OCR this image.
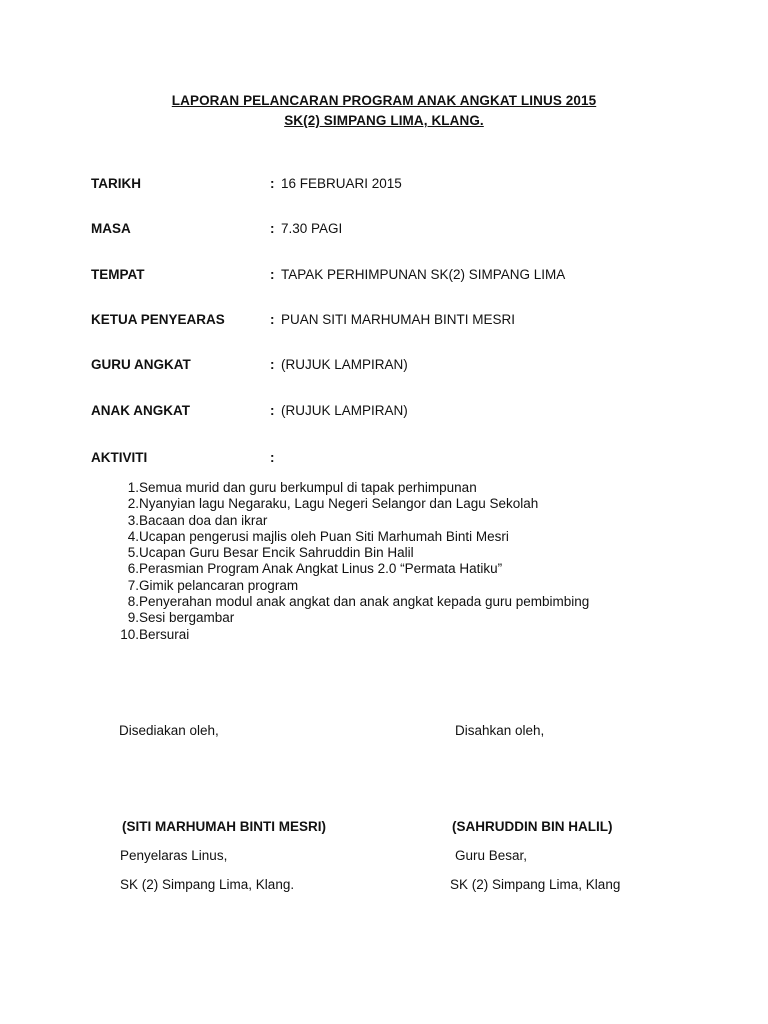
LAPORAN PELANCARAN PROGRAM ANAK ANGKAT LINUS 2015
SK(2) SIMPANG LIMA, KLANG.
TARIKH	: 16 FEBRUARI 2015
MASA	: 7.30 PAGI
TEMPAT	: TAPAK PERHIMPUNAN SK(2) SIMPANG LIMA
KETUA PENYEARAS	: PUAN SITI MARHUMAH BINTI MESRI
GURU ANGKAT	: (RUJUK LAMPIRAN)
ANAK ANGKAT	: (RUJUK LAMPIRAN)
AKTIVITI	:
1. Semua murid dan guru berkumpul di tapak perhimpunan
2. Nyanyian lagu Negaraku, Lagu Negeri Selangor dan Lagu Sekolah
3. Bacaan doa dan ikrar
4. Ucapan pengerusi majlis oleh Puan Siti Marhumah Binti Mesri
5. Ucapan Guru Besar Encik Sahruddin Bin Halil
6. Perasmian Program Anak Angkat Linus 2.0 “Permata Hatiku”
7. Gimik pelancaran program
8. Penyerahan modul anak angkat dan anak angkat kepada guru pembimbing
9. Sesi bergambar
10. Bersurai
Disediakan oleh,
(SITI MARHUMAH BINTI MESRI)
Penyelaras Linus,
SK (2) Simpang Lima, Klang.
Disahkan oleh,
(SAHRUDDIN BIN HALIL)
Guru Besar,
SK (2) Simpang Lima, Klang
